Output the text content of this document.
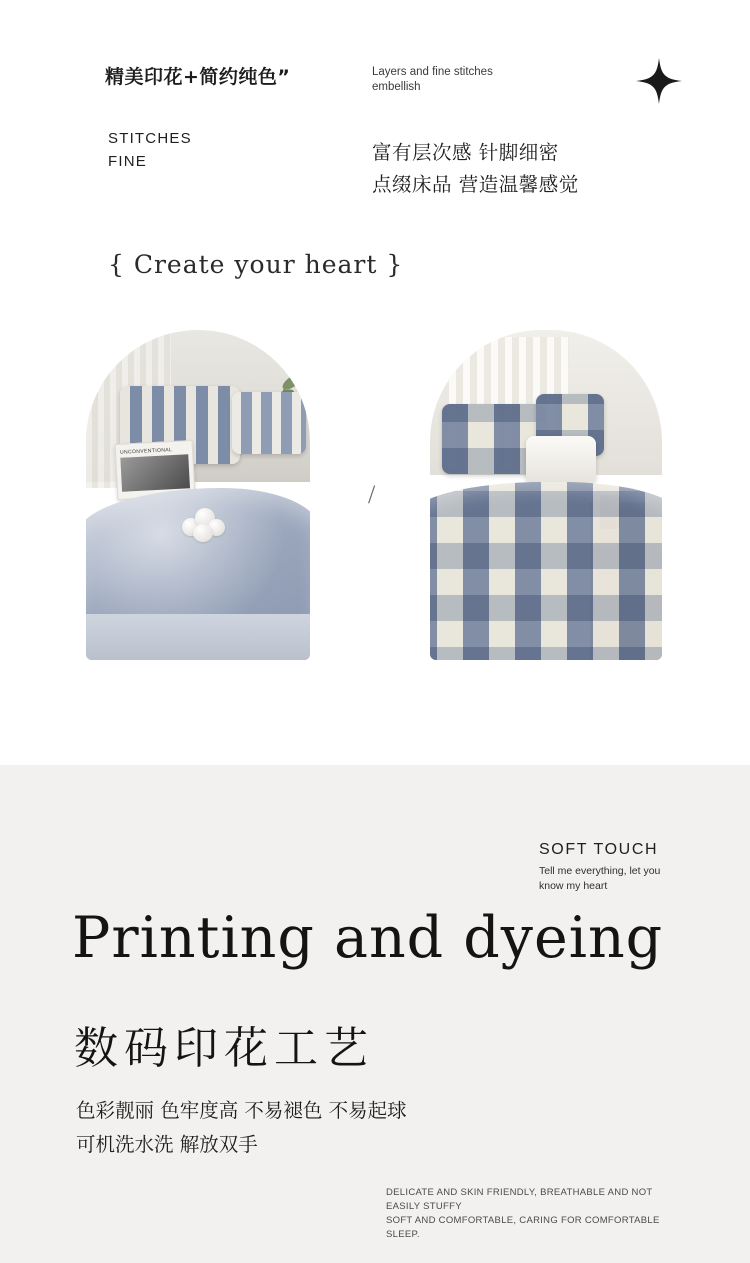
精美印花+简约纯色”	Layers and fine stitches
embellish
STITCHES
FINE	富有层次感 针脚细密
点缀床品 营造温馨感觉
{ Create your heart }
UNCONVENTIONAL
/
SOFT TOUCH
Tell me everything, let you
know my heart
Printing and dyeing
数码印花工艺
色彩靓丽 色牢度高 不易褪色 不易起球
可机洗水洗 解放双手
DELICATE AND SKIN FRIENDLY, BREATHABLE AND NOT EASILY STUFFY
SOFT AND COMFORTABLE, CARING FOR COMFORTABLE SLEEP.
